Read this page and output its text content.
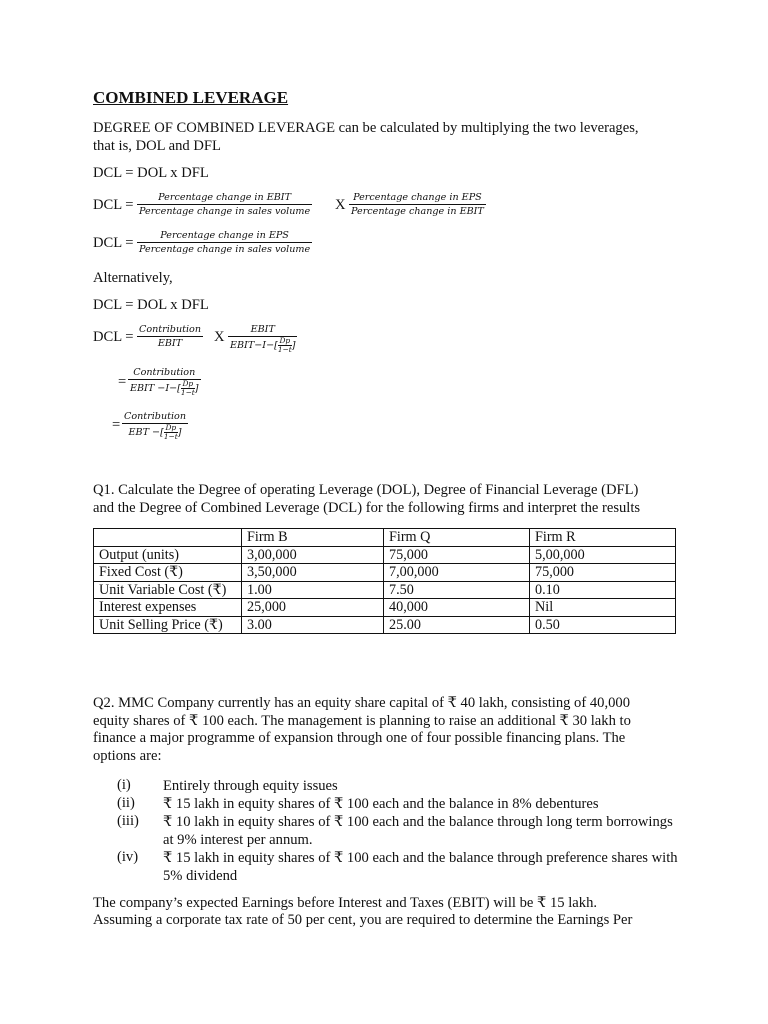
COMBINED LEVERAGE
DEGREE OF COMBINED LEVERAGE can be calculated by multiplying the two leverages,
that is, DOL and DFL
DCL = DOL x DFL
DCL =	Percentage change in EBIT
Percentage change in sales volume X Percentage change in EPS
Percentage change in EBIT
DCL =	Percentage change in EPS
Percentage change in sales volume
Alternatively,
DCL = DOL x DFL
DCL = Contribution
EBIT	X	EBIT
EBIT−I−[ $\frac{Dp}{1-t}$ ]
=
Contribution
EBIT $-I-[ \frac{Dp}{1-t}$ ]
=
Contribution
EBT −[ $\frac{Dp}{1-t}$ ]
Q1. Calculate the Degree of operating Leverage (DOL), Degree of Financial Leverage (DFL)
and the Degree of Combined Leverage (DCL) for the following firms and interpret the results
	Firm B	Firm Q	Firm R
Output (units)	3,00,000	75,000	5,00,000
Fixed Cost (₹)	3,50,000	7,00,000	75,000
Unit Variable Cost (₹)	1.00	7.50	0.10
Interest expenses	25,000	40,000	Nil
Unit Selling Price (₹)	3.00	25.00	0.50
Q2. MMC Company currently has an equity share capital of ₹ 40 lakh, consisting of 40,000
equity shares of ₹ 100 each. The management is planning to raise an additional ₹ 30 lakh to
finance a major programme of expansion through one of four possible financing plans. The
options are:
(i) Entirely through equity issues
(ii) ₹ 15 lakh in equity shares of ₹ 100 each and the balance in 8% debentures
(iii) ₹ 10 lakh in equity shares of ₹ 100 each and the balance through long term borrowings at 9% interest per annum.
(iv) ₹ 15 lakh in equity shares of ₹ 100 each and the balance through preference shares with 5% dividend
The company’s expected Earnings before Interest and Taxes (EBIT) will be ₹ 15 lakh.
Assuming a corporate tax rate of 50 per cent, you are required to determine the Earnings Per
